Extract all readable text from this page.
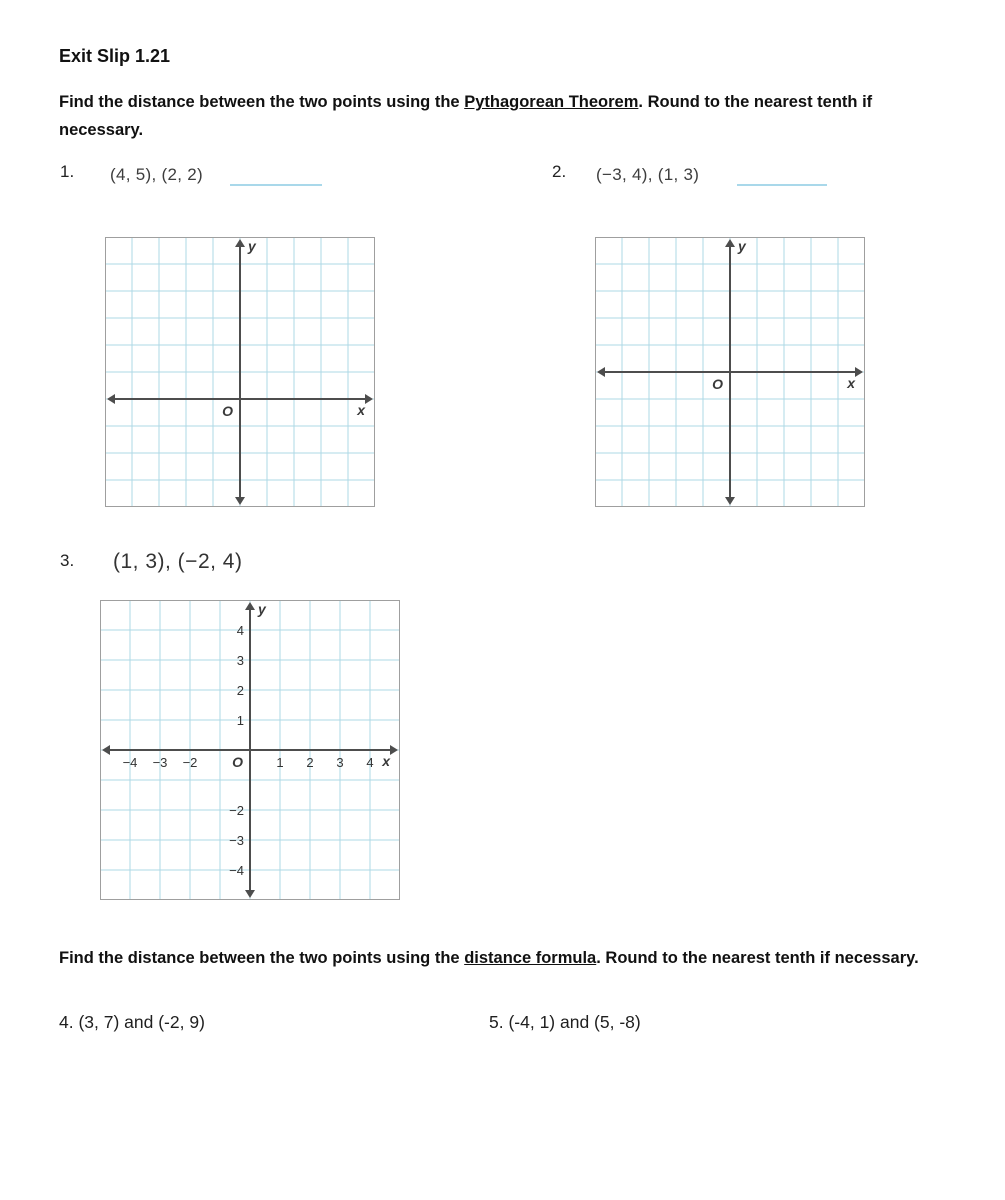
Exit Slip 1.21

Find the distance between the two points using the Pythagorean Theorem. Round to the nearest tenth if necessary.

1. (4, 5), (2, 2)	2. (−3, 4), (1, 3)
O	x
y
O	x
y
3. (1, 3), (−2, 4)
O	x
y
−4 −3 −2	1 2 3 4
4
3
2
1
−2
−3
−4

Find the distance between the two points using the distance formula. Round to the nearest tenth if necessary.

4. (3, 7) and (-2, 9)	5. (-4, 1) and (5, -8)
